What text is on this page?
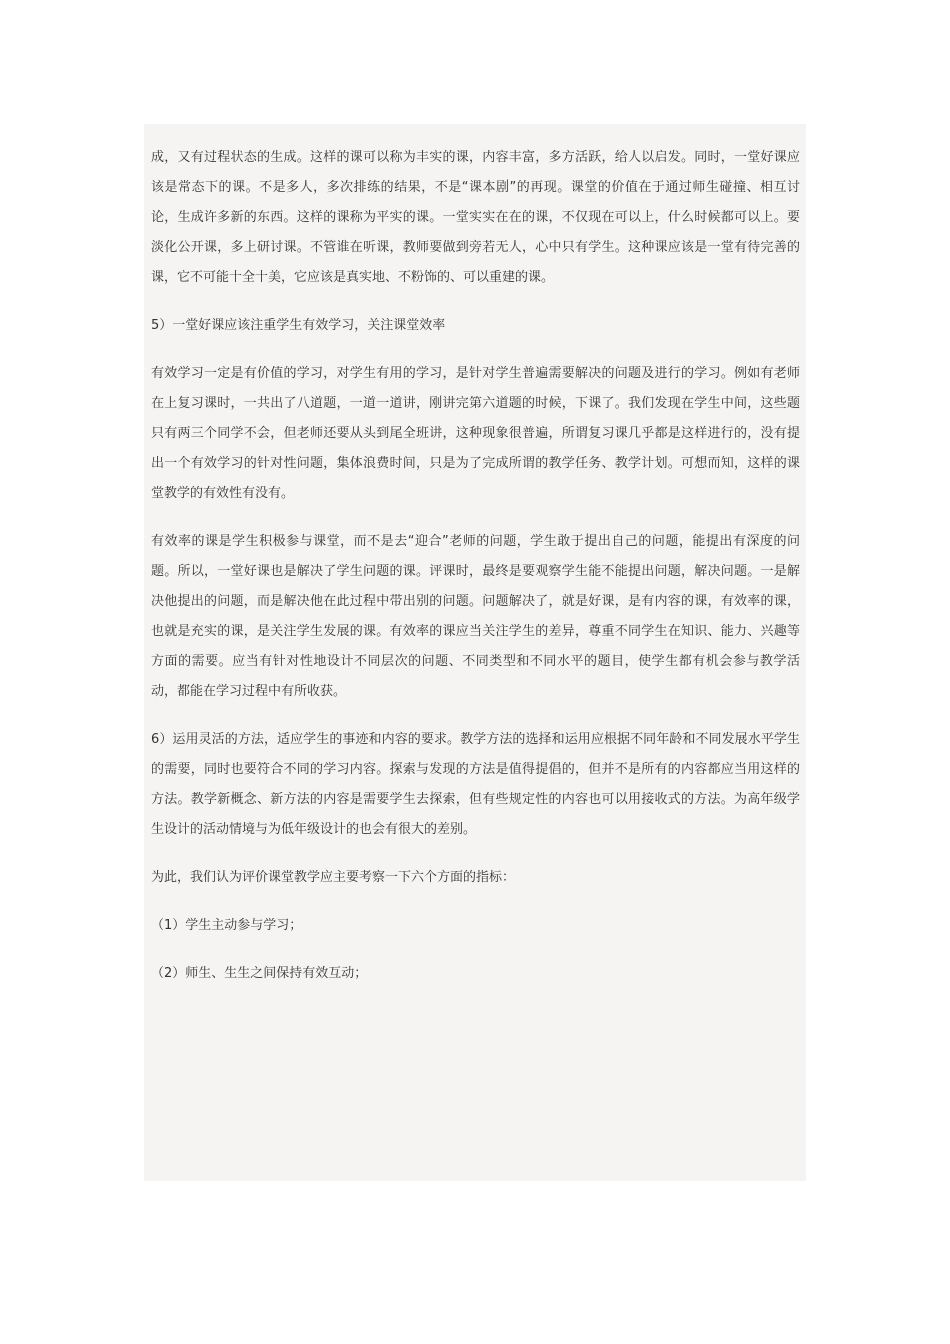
成，又有过程状态的生成。这样的课可以称为丰实的课，内容丰富，多方活跃，给人以启发。同时，一堂好课应该是常态下的课。不是多人，多次排练的结果，不是“课本剧”的再现。课堂的价值在于通过师生碰撞、相互讨论，生成许多新的东西。这样的课称为平实的课。一堂实实在在的课，不仅现在可以上，什么时候都可以上。要淡化公开课，多上研讨课。不管谁在听课，教师要做到旁若无人，心中只有学生。这种课应该是一堂有待完善的课，它不可能十全十美，它应该是真实地、不粉饰的、可以重建的课。

5）一堂好课应该注重学生有效学习，关注课堂效率

有效学习一定是有价值的学习，对学生有用的学习，是针对学生普遍需要解决的问题及进行的学习。例如有老师在上复习课时，一共出了八道题，一道一道讲，刚讲完第六道题的时候，下课了。我们发现在学生中间，这些题只有两三个同学不会，但老师还要从头到尾全班讲，这种现象很普遍，所谓复习课几乎都是这样进行的，没有提出一个有效学习的针对性问题，集体浪费时间，只是为了完成所谓的教学任务、教学计划。可想而知，这样的课堂教学的有效性有没有。

有效率的课是学生积极参与课堂，而不是去“迎合”老师的问题，学生敢于提出自己的问题，能提出有深度的问题。所以，一堂好课也是解决了学生问题的课。评课时，最终是要观察学生能不能提出问题，解决问题。一是解决他提出的问题，而是解决他在此过程中带出别的问题。问题解决了，就是好课，是有内容的课，有效率的课，也就是充实的课，是关注学生发展的课。有效率的课应当关注学生的差异，尊重不同学生在知识、能力、兴趣等方面的需要。应当有针对性地设计不同层次的问题、不同类型和不同水平的题目，使学生都有机会参与教学活动，都能在学习过程中有所收获。

6）运用灵活的方法，适应学生的事迹和内容的要求。教学方法的选择和运用应根据不同年龄和不同发展水平学生的需要，同时也要符合不同的学习内容。探索与发现的方法是值得提倡的，但并不是所有的内容都应当用这样的方法。教学新概念、新方法的内容是需要学生去探索，但有些规定性的内容也可以用接收式的方法。为高年级学生设计的活动情境与为低年级设计的也会有很大的差别。

为此，我们认为评价课堂教学应主要考察一下六个方面的指标：

（1）学生主动参与学习；

（2）师生、生生之间保持有效互动；
